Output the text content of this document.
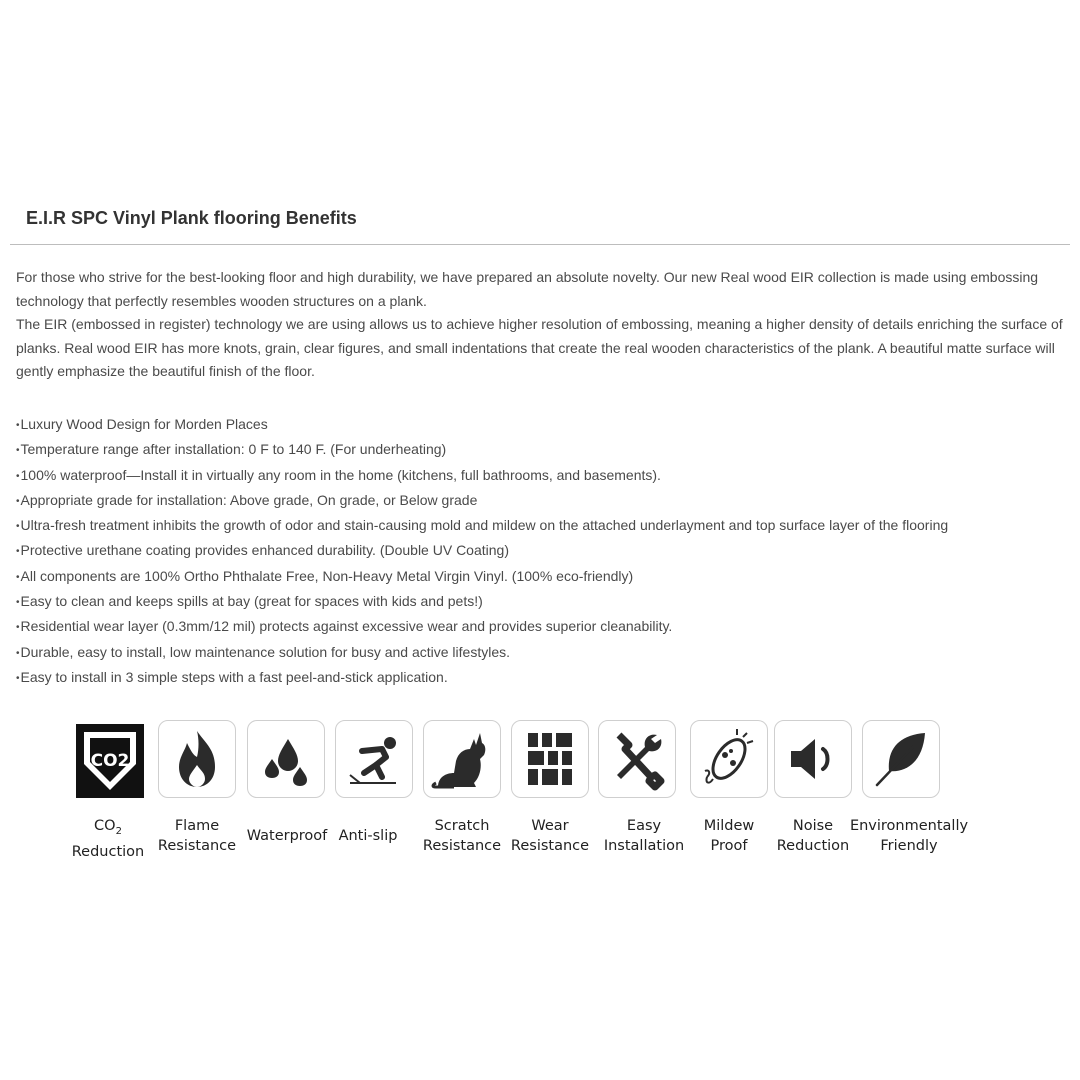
E.I.R SPC Vinyl Plank flooring Benefits

For those who strive for the best-looking floor and high durability, we have prepared an absolute novelty. Our new Real wood EIR collection is made using embossing technology that perfectly resembles wooden structures on a plank.

The EIR (embossed in register) technology we are using allows us to achieve higher resolution of embossing, meaning a higher density of details enriching the surface of planks. Real wood EIR has more knots, grain, clear figures, and small indentations that create the real wooden characteristics of the plank. A beautiful matte surface will gently emphasize the beautiful finish of the floor.

• Luxury Wood Design for Morden Places
• Temperature range after installation: 0 F to 140 F. (For underheating)
• 100% waterproof—Install it in virtually any room in the home (kitchens, full bathrooms, and basements).
• Appropriate grade for installation: Above grade, On grade, or Below grade
• Ultra-fresh treatment inhibits the growth of odor and stain-causing mold and mildew on the attached underlayment and top surface layer of the flooring
• Protective urethane coating provides enhanced durability. (Double UV Coating)
• All components are 100% Ortho Phthalate Free, Non-Heavy Metal Virgin Vinyl. (100% eco-friendly)
• Easy to clean and keeps spills at bay (great for spaces with kids and pets!)
• Residential wear layer (0.3mm/12 mil) protects against excessive wear and provides superior cleanability.
• Durable, easy to install, low maintenance solution for busy and active lifestyles.
• Easy to install in 3 simple steps with a fast peel-and-stick application.
CO2
$CO_2$
Reduction
Flame
Resistance
Waterproof Anti-slip
Scratch
Resistance
Wear
Resistance
Easy
Installation
Mildew
Proof
Noise
Reduction
Environmentally
Friendly
